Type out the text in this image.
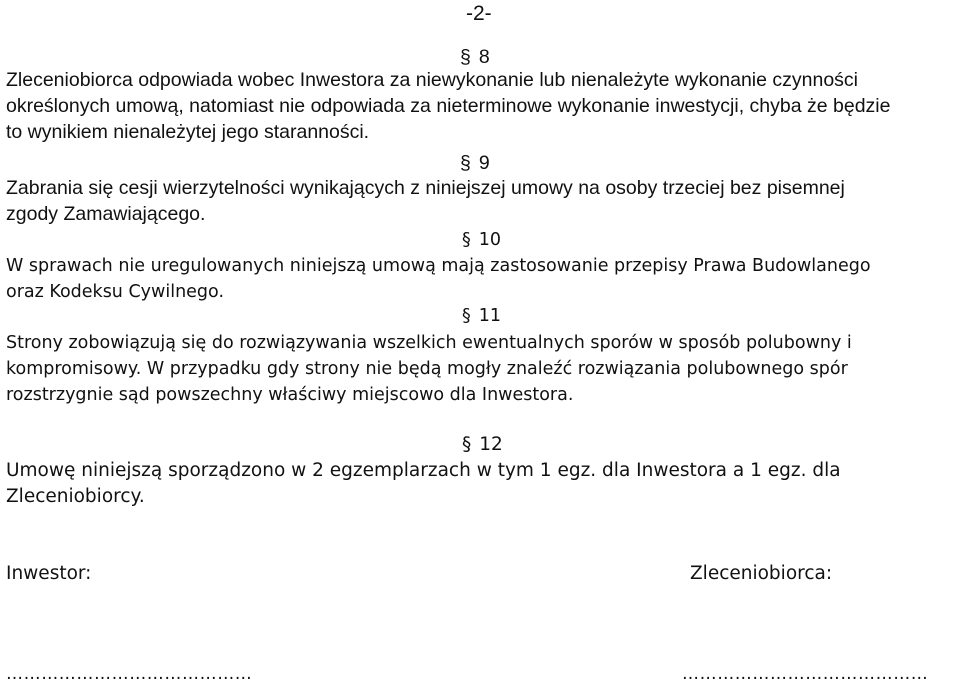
-2-
§ 8
Zleceniobiorca odpowiada wobec Inwestora za niewykonanie lub nienależyte wykonanie czynności
określonych umową, natomiast nie odpowiada za nieterminowe wykonanie inwestycji, chyba że będzie
to wynikiem nienależytej jego staranności.
§ 9
Zabrania się cesji wierzytelności wynikających z niniejszej umowy na osoby trzeciej bez pisemnej
zgody Zamawiającego.
§ 10
W sprawach nie uregulowanych niniejszą umową mają zastosowanie przepisy Prawa Budowlanego
oraz Kodeksu Cywilnego.
§ 11
Strony zobowiązują się do rozwiązywania wszelkich ewentualnych sporów w sposób polubowny i
kompromisowy. W przypadku gdy strony nie będą mogły znaleźć rozwiązania polubownego spór
rozstrzygnie sąd powszechny właściwy miejscowo dla Inwestora.
§ 12
Umowę niniejszą sporządzono w 2 egzemplarzach w tym 1 egz. dla Inwestora a 1 egz. dla
Zleceniobiorcy.
Inwestor:	Zleceniobiorca:
……………………………………	……………………………………
